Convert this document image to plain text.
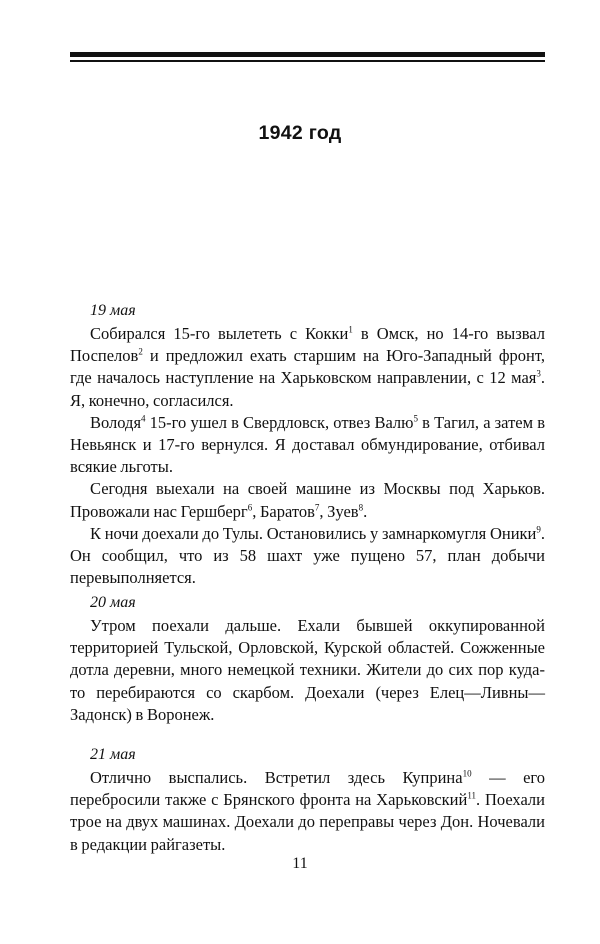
1942 год
19 мая

Собирался 15-го вылететь с Кокки$^1$ в Омск, но 14-го вызвал Поспелов$^2$ и предложил ехать старшим на Юго-Западный фронт, где началось наступление на Харьковском направлении, с 12 мая$^3$. Я, конечно, согласился.

Володя$^4$ 15-го ушел в Свердловск, отвез Валю$^5$ в Тагил, а затем в Невьянск и 17-го вернулся. Я доставал обмундирование, отбивал всякие льготы.

Сегодня выехали на своей машине из Москвы под Харьков. Провожали нас Гершберг$^6$, Баратов$^7$, Зуев$^8$.

К ночи доехали до Тулы. Остановились у замнаркомугля Оники$^9$. Он сообщил, что из 58 шахт уже пущено 57, план добычи перевыполняется.

20 мая

Утром поехали дальше. Ехали бывшей оккупированной территорией Тульской, Орловской, Курской областей. Сожженные дотла деревни, много немецкой техники. Жители до сих пор куда-то перебираются со скарбом. Доехали (через Елец—Ливны—Задонск) в Воронеж.

21 мая

Отлично выспались. Встретил здесь Куприна$^{10}$ — его перебросили также с Брянского фронта на Харьковский$^{11}$. Поехали трое на двух машинах. Доехали до переправы через Дон. Ночевали в редакции райгазеты.

11
